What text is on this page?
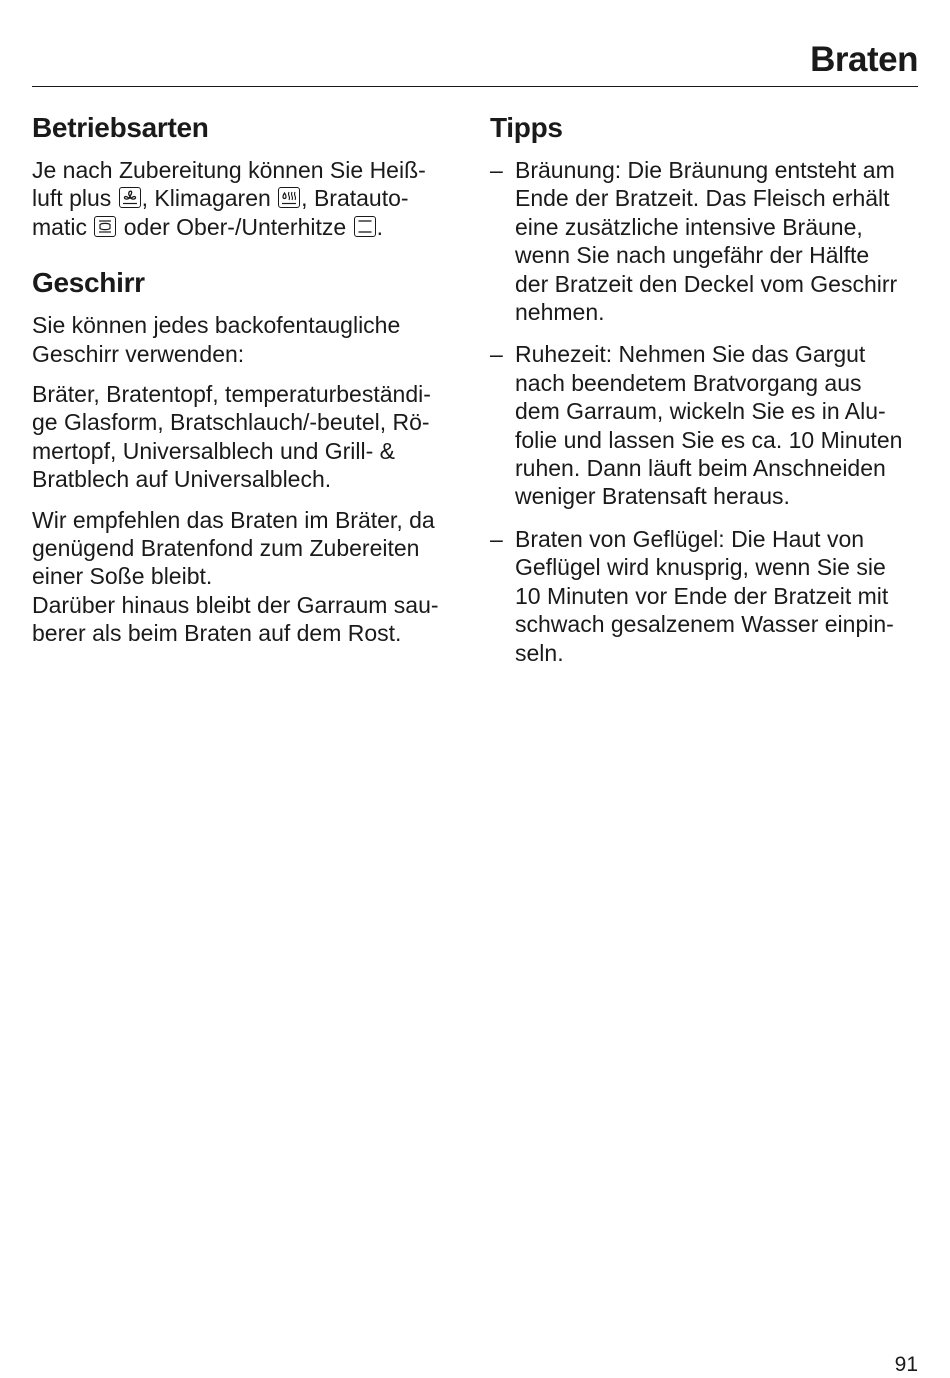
Braten
Betriebsarten

Je nach Zubereitung können Sie Heiß-
luft plus
, Klimagaren
, Bratauto-
matic
oder Ober-/Unterhitze
.

Geschirr

Sie können jedes backofentaugliche
Geschirr verwenden:

Bräter, Bratentopf, temperaturbeständi-
ge Glasform, Bratschlauch/-beutel, Rö-
mertopf, Universalblech und Grill- &
Bratblech auf Universalblech.

Wir empfehlen das Braten im Bräter, da
genügend Bratenfond zum Zubereiten
einer Soße bleibt.
Darüber hinaus bleibt der Garraum sau-
berer als beim Braten auf dem Rost.

Tipps
– Bräunung: Die Bräunung entsteht am
Ende der Bratzeit. Das Fleisch erhält
eine zusätzliche intensive Bräune,
wenn Sie nach ungefähr der Hälfte
der Bratzeit den Deckel vom Geschirr
nehmen.
– Ruhezeit: Nehmen Sie das Gargut
nach beendetem Bratvorgang aus
dem Garraum, wickeln Sie es in Alu-
folie und lassen Sie es ca. 10 Minuten
ruhen. Dann läuft beim Anschneiden
weniger Bratensaft heraus.
– Braten von Geflügel: Die Haut von
Geflügel wird knusprig, wenn Sie sie
10 Minuten vor Ende der Bratzeit mit
schwach gesalzenem Wasser einpin-
seln.
91
